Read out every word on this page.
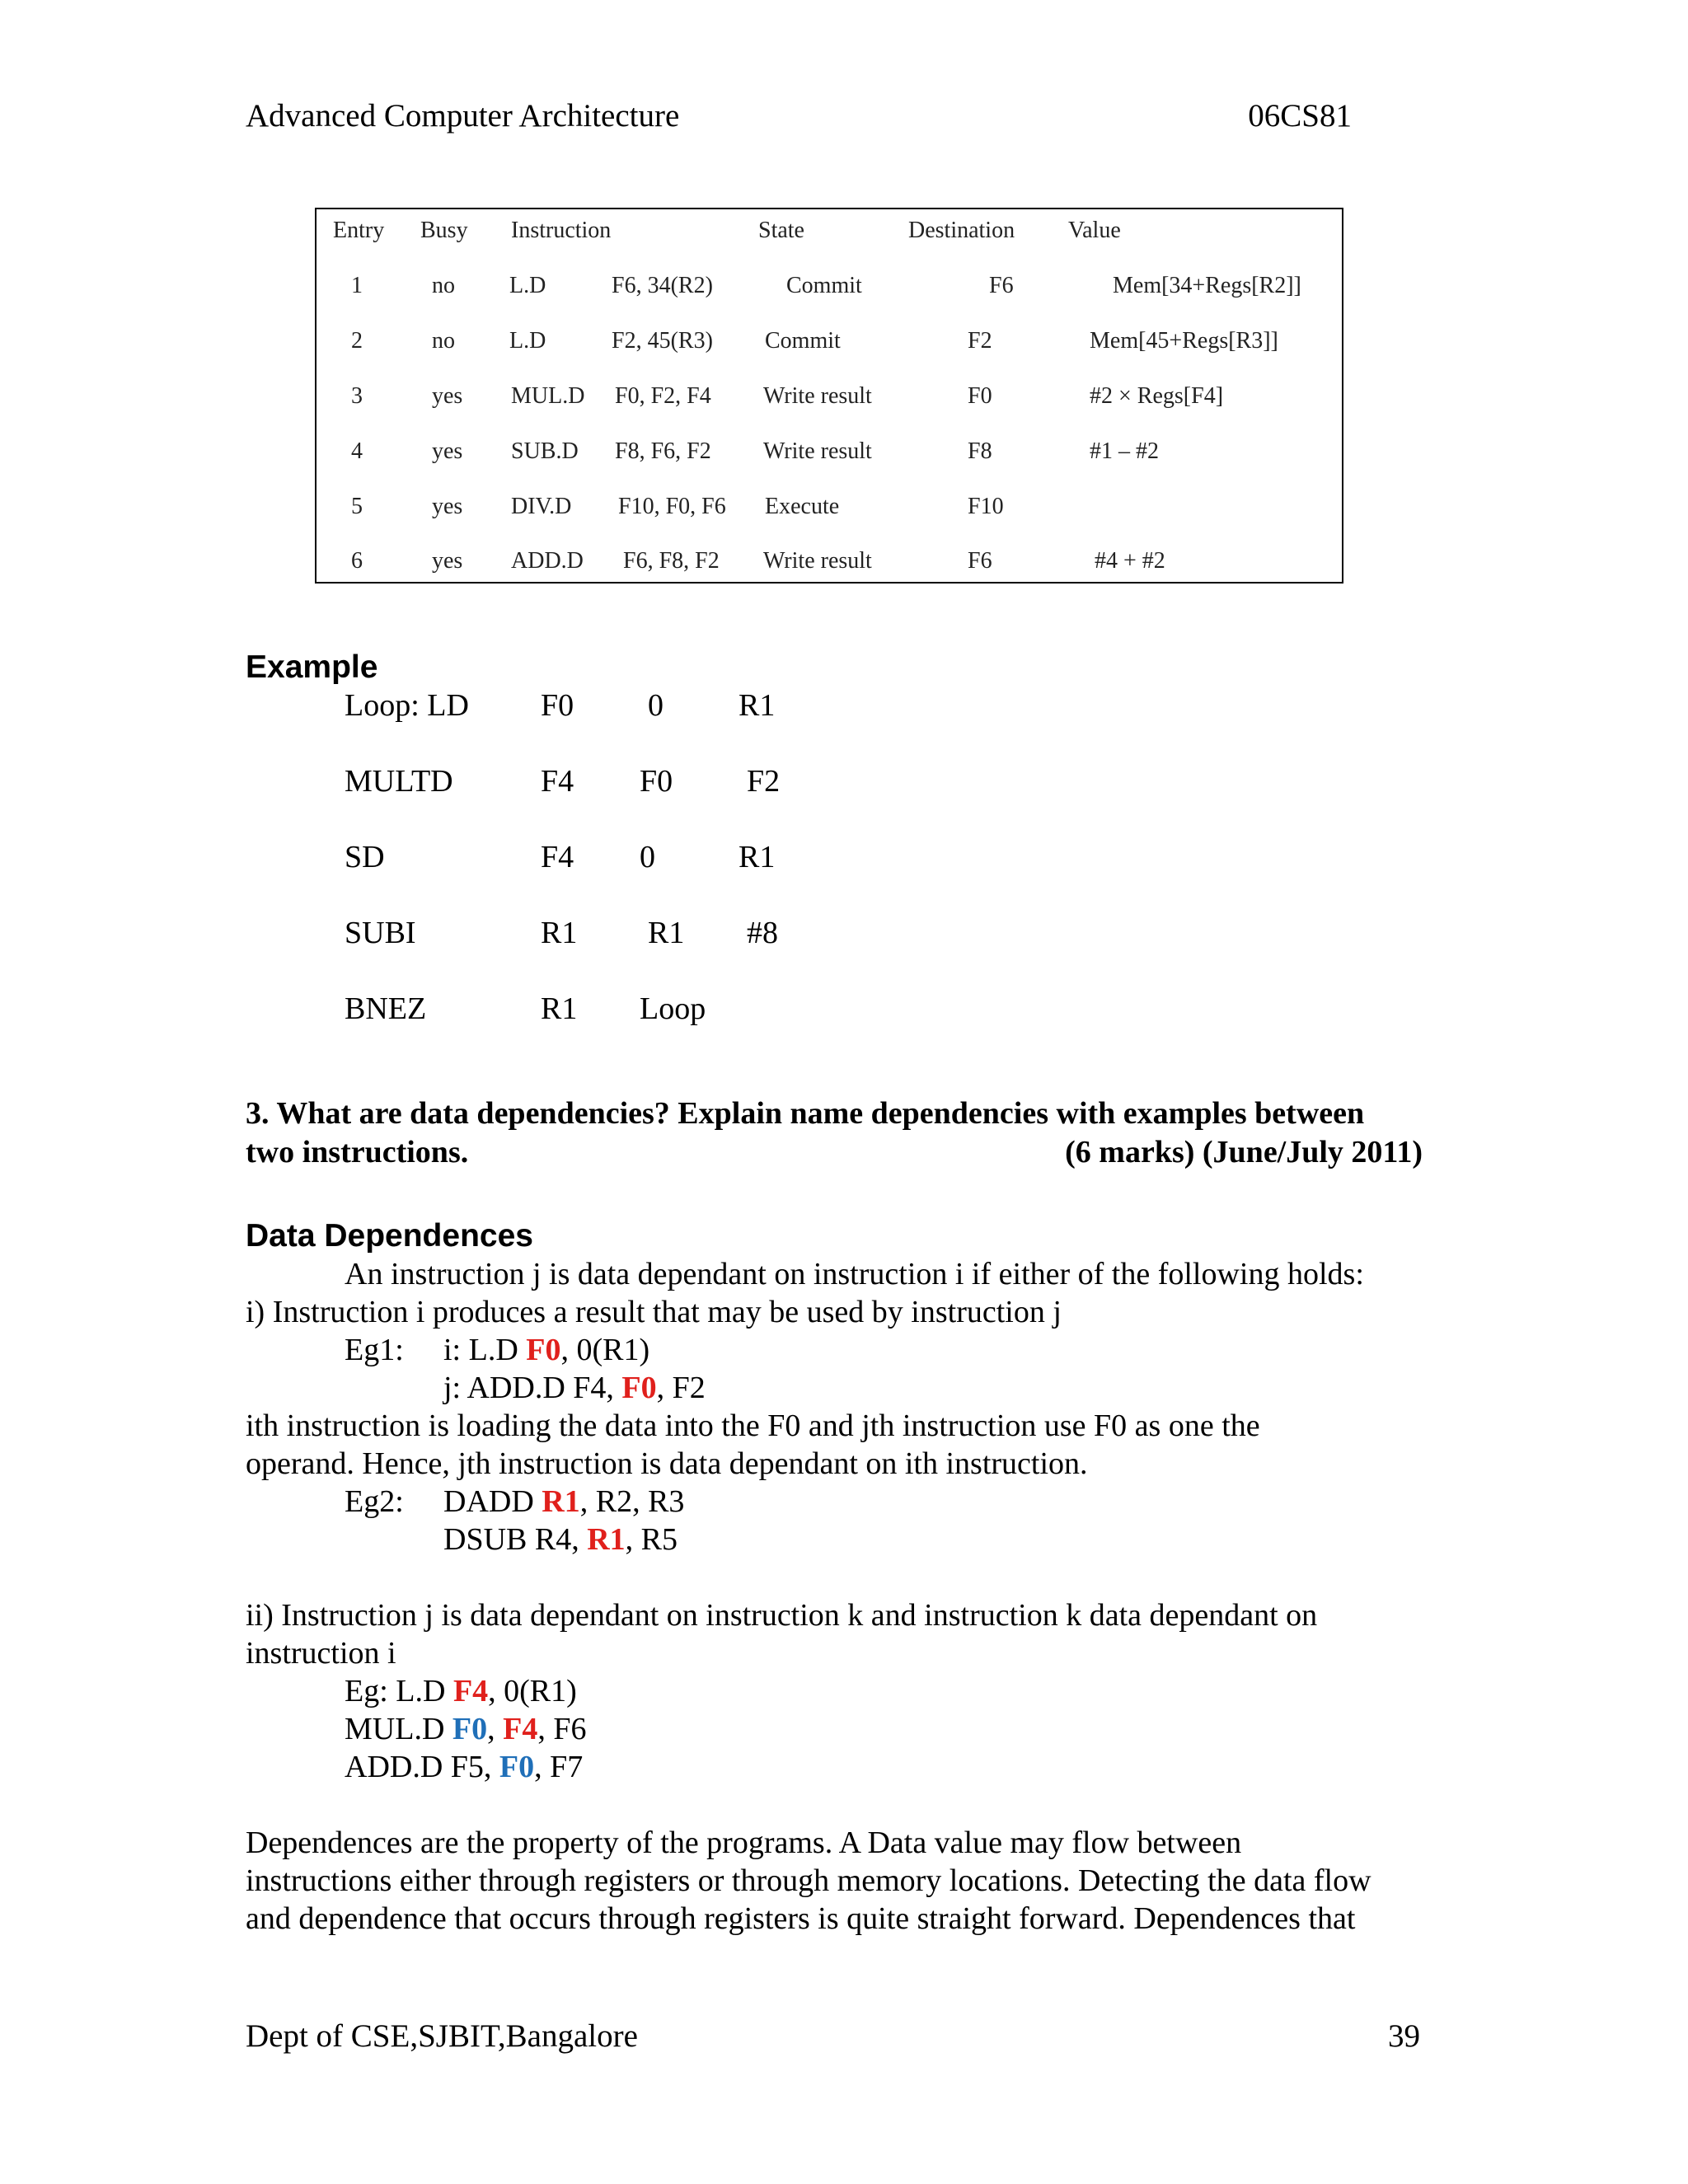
Advanced Computer Architecture	06CS81
Entry Busy Instruction	State	Destination Value
1	no L.D	F6, 34(R2)	Commit	F6	Mem[34+Regs[R2]]
2	no L.D	F2, 45(R3) Commit	F2	Mem[45+Regs[R3]]
3	yes MUL.D F0, F2, F4 Write result	F0	#2 × Regs[F4]
4	yes SUB.D F8, F6, F2 Write result	F8	#1 – #2
5	yes DIV.D F10, F0, F6 Execute	F10
6	yes ADD.D F6, F8, F2 Write result	F6	#4 + #2
Example
Loop: LD F0 0 R1
MULTD	F4 F0 F2
SD	F4 0	R1
SUBI	R1 R1 #8
BNEZ	R1 Loop
3. What are data dependencies? Explain name dependencies with examples between
two instructions.	(6 marks) (June/July 2011)
Data Dependences
An instruction j is data dependant on instruction i if either of the following holds:
i) Instruction i produces a result that may be used by instruction j
Eg1: i: L.D F0, 0(R1)
j: ADD.D F4, F0, F2
ith instruction is loading the data into the F0 and jth instruction use F0 as one the
operand. Hence, jth instruction is data dependant on ith instruction.
Eg2: DADD R1, R2, R3
DSUB R4, R1, R5
ii) Instruction j is data dependant on instruction k and instruction k data dependant on
instruction i
Eg: L.D F4, 0(R1)
MUL.D F0, F4, F6
ADD.D F5, F0, F7
Dependences are the property of the programs. A Data value may flow between
instructions either through registers or through memory locations. Detecting the data flow
and dependence that occurs through registers is quite straight forward. Dependences that
Dept of CSE,SJBIT,Bangalore	39
